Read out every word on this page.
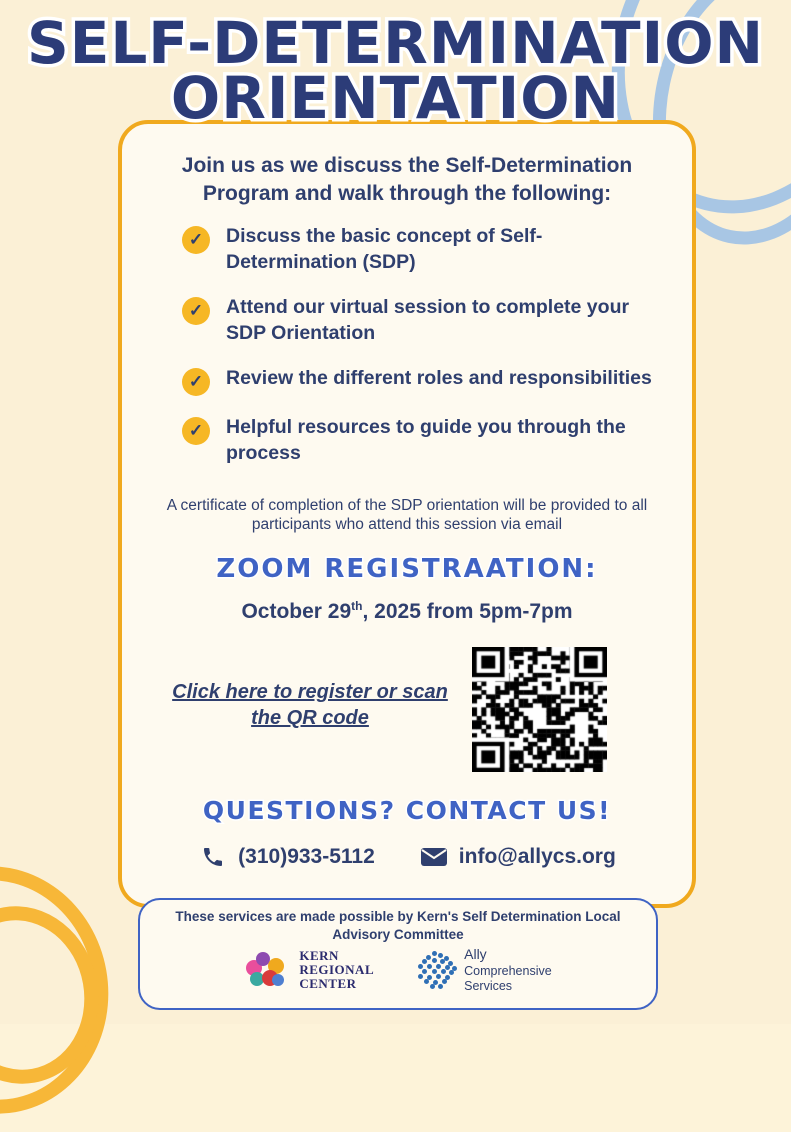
SELF-DETERMINATION
ORIENTATION
Join us as we discuss the Self-Determination Program and walk through the following:
✓	Discuss the basic concept of Self-Determination (SDP)
✓	Attend our virtual session to complete your SDP Orientation
✓	Review the different roles and responsibilities
✓	Helpful resources to guide you through the process
A certificate of completion of the SDP orientation will be provided to all participants who attend this session via email
ZOOM REGISTRAATION:
October 29th, 2025 from 5pm-7pm
Click here to register or scan the QR code
QUESTIONS? CONTACT US!
(310)933-5112	info@allycs.org
These services are made possible by Kern's Self Determination Local Advisory Committee
KERN
REGIONAL
CENTER
Ally
Comprehensive
Services
